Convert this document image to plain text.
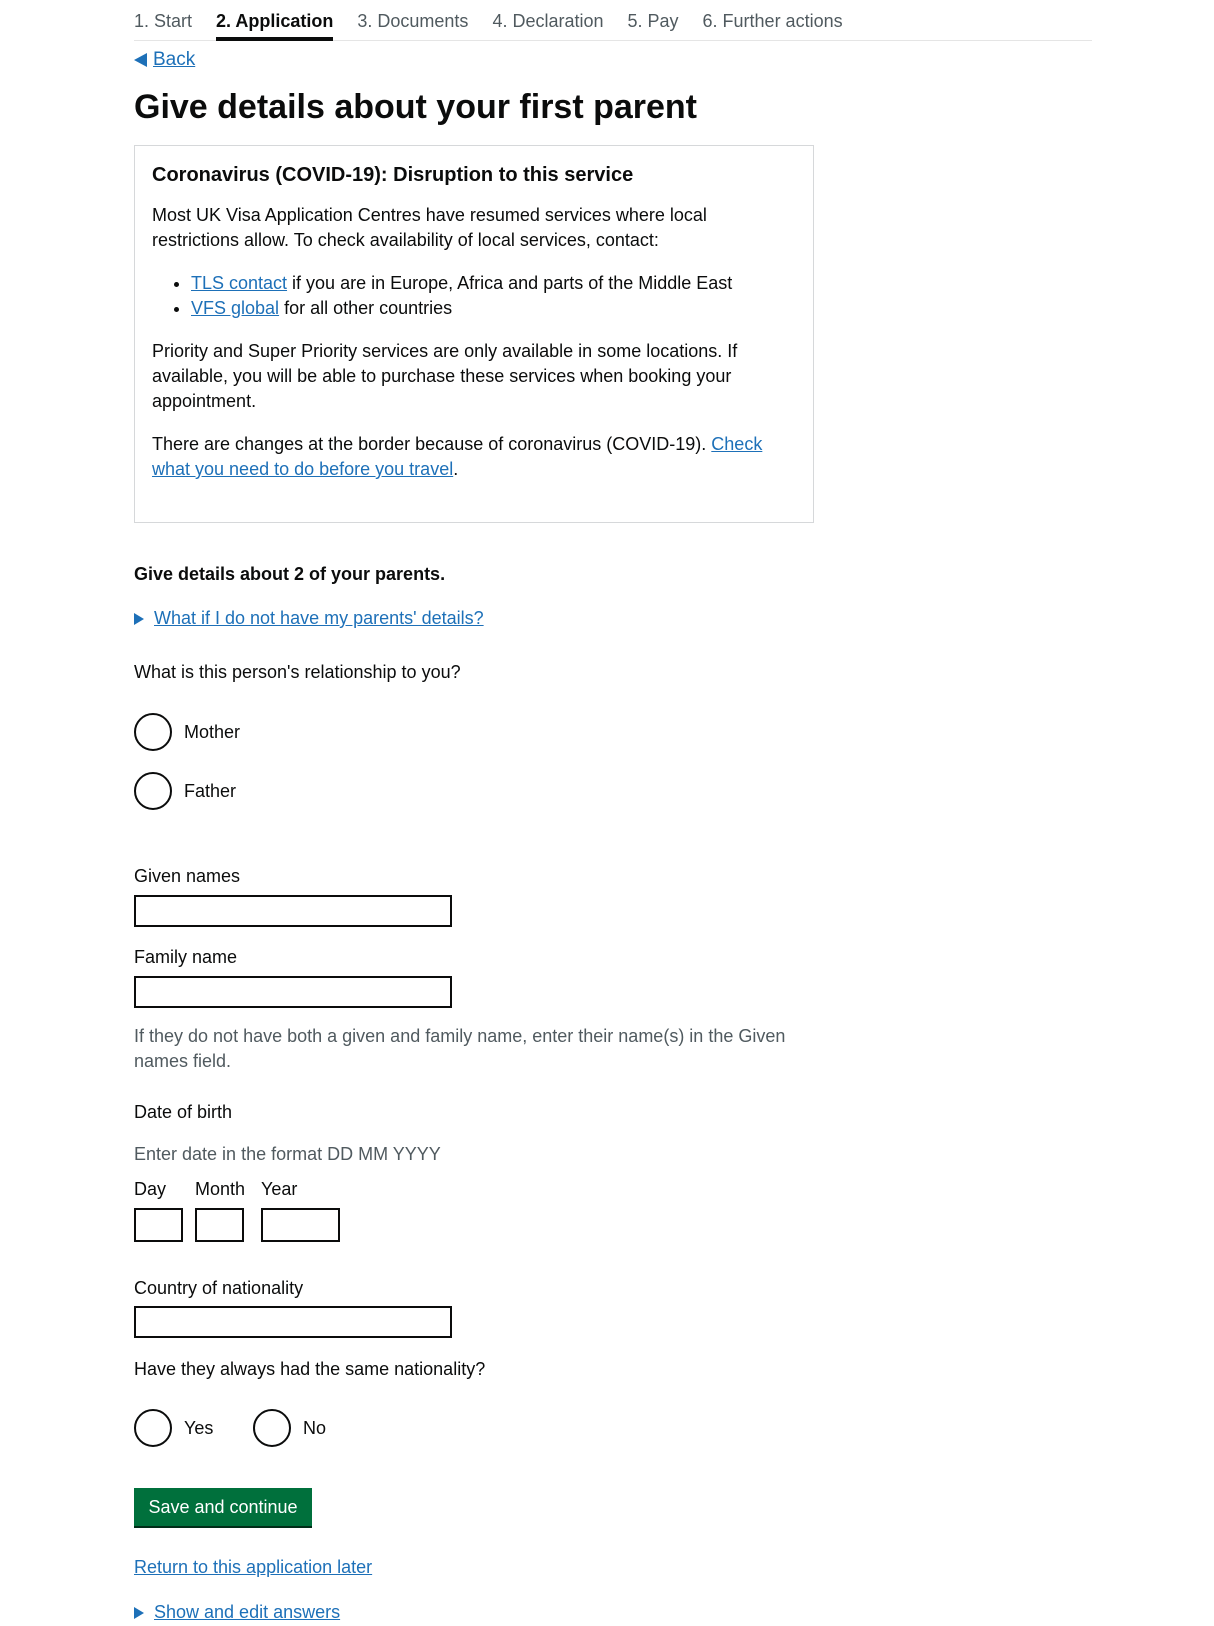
1. Start 2. Application 3. Documents 4. Declaration 5. Pay 6. Further actions
Back
Give details about your first parent
Coronavirus (COVID-19): Disruption to this service

Most UK Visa Application Centres have resumed services where local restrictions allow. To check availability of local services, contact:

• TLS contact if you are in Europe, Africa and parts of the Middle East
• VFS global for all other countries

Priority and Super Priority services are only available in some locations. If available, you will be able to purchase these services when booking your appointment.

There are changes at the border because of coronavirus (COVID-19). Check what you need to do before you travel.

Give details about 2 of your parents.
What if I do not have my parents' details?
What is this person's relationship to you?
Mother
Father
Given names
Family name
If they do not have both a given and family name, enter their name(s) in the Given names field.
Date of birth
Enter date in the format DD MM YYYY
Day Month Year
Country of nationality
Have they always had the same nationality?
Yes	No
Save and continue
Return to this application later
Show and edit answers
